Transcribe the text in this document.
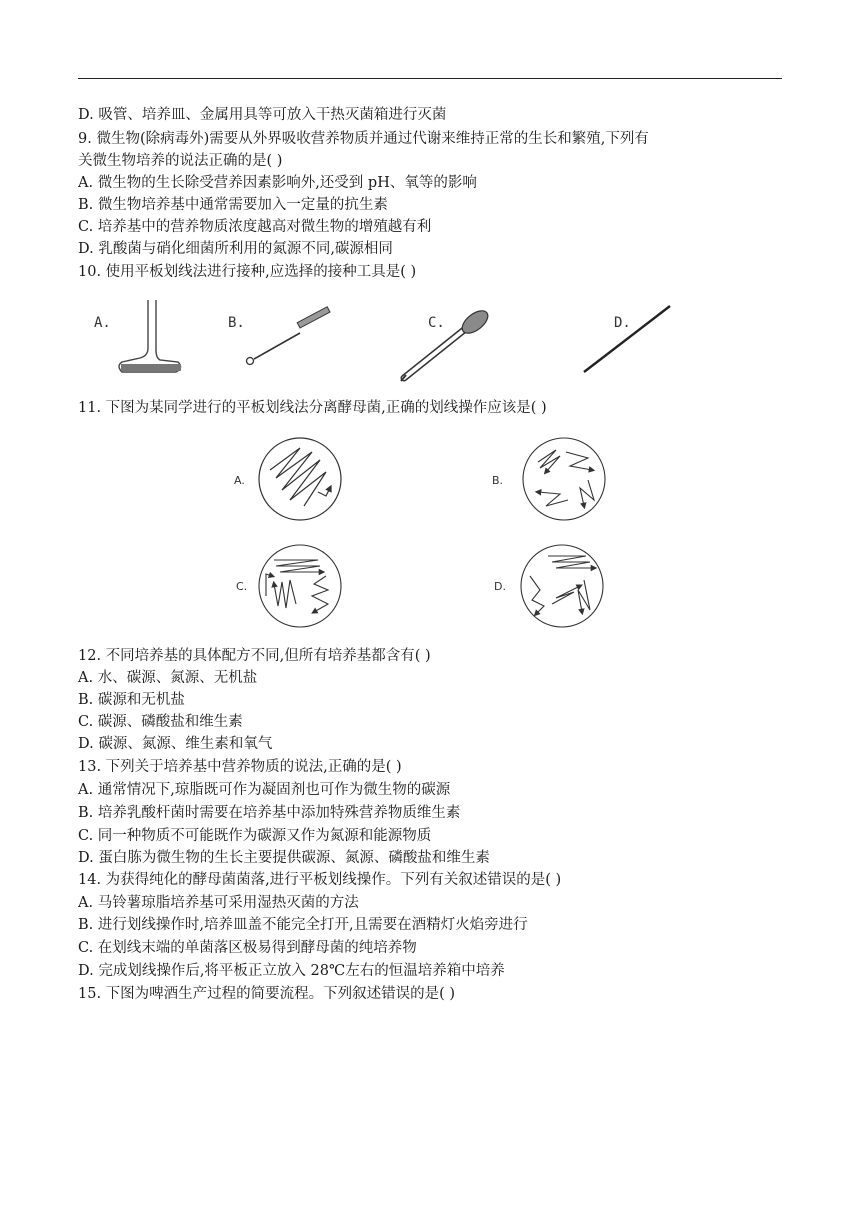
D. 吸管、培养皿、金属用具等可放入干热灭菌箱进行灭菌
9. 微生物(除病毒外)需要从外界吸收营养物质并通过代谢来维持正常的生长和繁殖,下列有
关微生物培养的说法正确的是( )
A. 微生物的生长除受营养因素影响外,还受到 pH、氧等的影响
B. 微生物培养基中通常需要加入一定量的抗生素
C. 培养基中的营养物质浓度越高对微生物的增殖越有利
D. 乳酸菌与硝化细菌所利用的氮源不同,碳源相同
10. 使用平板划线法进行接种,应选择的接种工具是( )
A.	B.	C.	D.
11. 下图为某同学进行的平板划线法分离酵母菌,正确的划线操作应该是( )
A.	B.
C.	D.
12. 不同培养基的具体配方不同,但所有培养基都含有( )
A. 水、碳源、氮源、无机盐
B. 碳源和无机盐
C. 碳源、磷酸盐和维生素
D. 碳源、氮源、维生素和氧气
13. 下列关于培养基中营养物质的说法,正确的是( )
A. 通常情况下,琼脂既可作为凝固剂也可作为微生物的碳源
B. 培养乳酸杆菌时需要在培养基中添加特殊营养物质维生素
C. 同一种物质不可能既作为碳源又作为氮源和能源物质
D. 蛋白胨为微生物的生长主要提供碳源、氮源、磷酸盐和维生素
14. 为获得纯化的酵母菌菌落,进行平板划线操作。下列有关叙述错误的是( )
A. 马铃薯琼脂培养基可采用湿热灭菌的方法
B. 进行划线操作时,培养皿盖不能完全打开,且需要在酒精灯火焰旁进行
C. 在划线末端的单菌落区极易得到酵母菌的纯培养物
D. 完成划线操作后,将平板正立放入 28℃左右的恒温培养箱中培养
15. 下图为啤酒生产过程的简要流程。下列叙述错误的是( )
